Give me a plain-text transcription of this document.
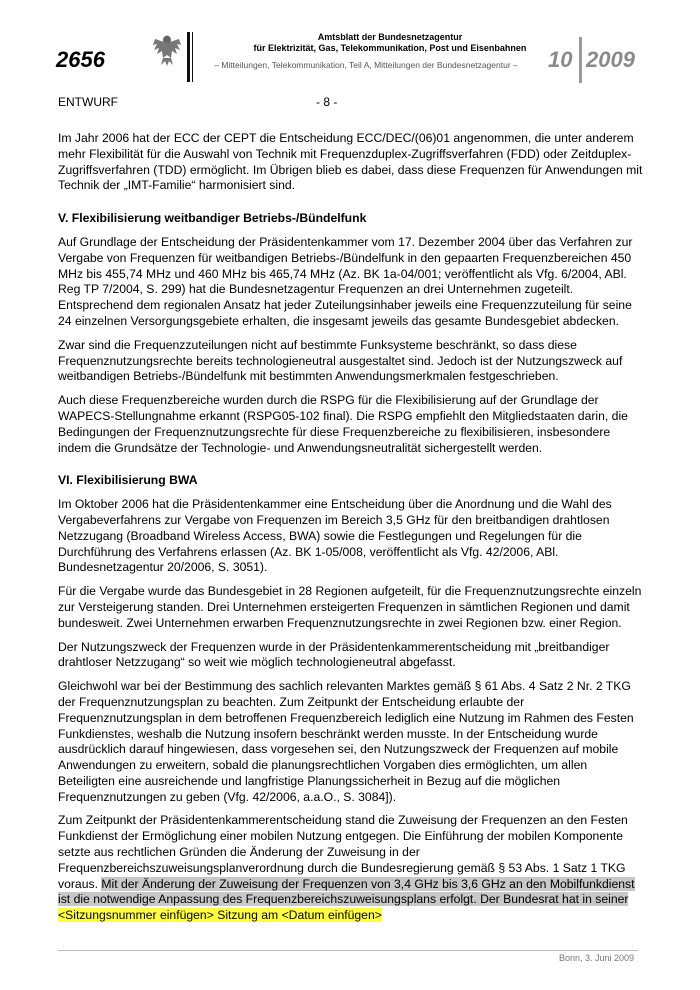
2656
Amtsblatt der Bundesnetzagentur
für Elektrizität, Gas, Telekommunikation, Post und Eisenbahnen
– Mitteilungen, Telekommunikation, Teil A, Mitteilungen der Bundesnetzagentur –	10 2009
ENTWURF	- 8 -

Im Jahr 2006 hat der ECC der CEPT die Entscheidung ECC/DEC/(06)01 angenommen, die unter anderem mehr Flexibilität für die Auswahl von Technik mit Frequenzduplex-Zugriffsverfahren (FDD) oder Zeitduplex-Zugriffsverfahren (TDD) ermöglicht. Im Übrigen blieb es dabei, dass diese Frequenzen für Anwendungen mit Technik der „IMT-Familie“ harmonisiert sind.

V. Flexibilisierung weitbandiger Betriebs-/Bündelfunk

Auf Grundlage der Entscheidung der Präsidentenkammer vom 17. Dezember 2004 über das Verfahren zur Vergabe von Frequenzen für weitbandigen Betriebs-/Bündelfunk in den gepaarten Frequenzbereichen 450 MHz bis 455,74 MHz und 460 MHz bis 465,74 MHz (Az. BK 1a-04/001; veröffentlicht als Vfg. 6/2004, ABl. Reg TP 7/2004, S. 299) hat die Bundesnetzagentur Frequenzen an drei Unternehmen zugeteilt. Entsprechend dem regionalen Ansatz hat jeder Zuteilungsinhaber jeweils eine Frequenzzuteilung für seine 24 einzelnen Versorgungsgebiete erhalten, die insgesamt jeweils das gesamte Bundesgebiet abdecken.

Zwar sind die Frequenzzuteilungen nicht auf bestimmte Funksysteme beschränkt, so dass diese Frequenznutzungsrechte bereits technologieneutral ausgestaltet sind. Jedoch ist der Nutzungszweck auf weitbandigen Betriebs-/Bündelfunk mit bestimmten Anwendungsmerkmalen festgeschrieben.

Auch diese Frequenzbereiche wurden durch die RSPG für die Flexibilisierung auf der Grundlage der WAPECS-Stellungnahme erkannt (RSPG05-102 final). Die RSPG empfiehlt den Mitgliedstaaten darin, die Bedingungen der Frequenznutzungsrechte für diese Frequenzbereiche zu flexibilisieren, insbesondere indem die Grundsätze der Technologie- und Anwendungsneutralität sichergestellt werden.

VI. Flexibilisierung BWA

Im Oktober 2006 hat die Präsidentenkammer eine Entscheidung über die Anordnung und die Wahl des Vergabeverfahrens zur Vergabe von Frequenzen im Bereich 3,5 GHz für den breitbandigen drahtlosen Netzzugang (Broadband Wireless Access, BWA) sowie die Festlegungen und Regelungen für die Durchführung des Verfahrens erlassen (Az. BK 1-05/008, veröffentlicht als Vfg. 42/2006, ABl. Bundesnetzagentur 20/2006, S. 3051).

Für die Vergabe wurde das Bundesgebiet in 28 Regionen aufgeteilt, für die Frequenznutzungsrechte einzeln zur Versteigerung standen. Drei Unternehmen ersteigerten Frequenzen in sämtlichen Regionen und damit bundesweit. Zwei Unternehmen erwarben Frequenznutzungsrechte in zwei Regionen bzw. einer Region.

Der Nutzungszweck der Frequenzen wurde in der Präsidentenkammerentscheidung mit „breitbandiger drahtloser Netzzugang“ so weit wie möglich technologieneutral abgefasst.

Gleichwohl war bei der Bestimmung des sachlich relevanten Marktes gemäß § 61 Abs. 4 Satz 2 Nr. 2 TKG der Frequenznutzungsplan zu beachten. Zum Zeitpunkt der Entscheidung erlaubte der Frequenznutzungsplan in dem betroffenen Frequenzbereich lediglich eine Nutzung im Rahmen des Festen Funkdienstes, weshalb die Nutzung insofern beschränkt werden musste. In der Entscheidung wurde ausdrücklich darauf hingewiesen, dass vorgesehen sei, den Nutzungszweck der Frequenzen auf mobile Anwendungen zu erweitern, sobald die planungsrechtlichen Vorgaben dies ermöglichten, um allen Beteiligten eine ausreichende und langfristige Planungssicherheit in Bezug auf die möglichen Frequenznutzungen zu geben (Vfg. 42/2006, a.a.O., S. 3084]).

Zum Zeitpunkt der Präsidentenkammerentscheidung stand die Zuweisung der Frequenzen an den Festen Funkdienst der Ermöglichung einer mobilen Nutzung entgegen. Die Einführung der mobilen Komponente setzte aus rechtlichen Gründen die Änderung der Zuweisung in der Frequenzbereichszuweisungsplanverordnung durch die Bundesregierung gemäß § 53 Abs. 1 Satz 1 TKG voraus. Mit der Änderung der Zuweisung der Frequenzen von 3,4 GHz bis 3,6 GHz an den Mobilfunkdienst ist die notwendige Anpassung des Frequenzbereichszuweisungsplans erfolgt. Der Bundesrat hat in seiner <Sitzungsnummer einfügen> Sitzung am <Datum einfügen>

Bonn, 3. Juni 2009
